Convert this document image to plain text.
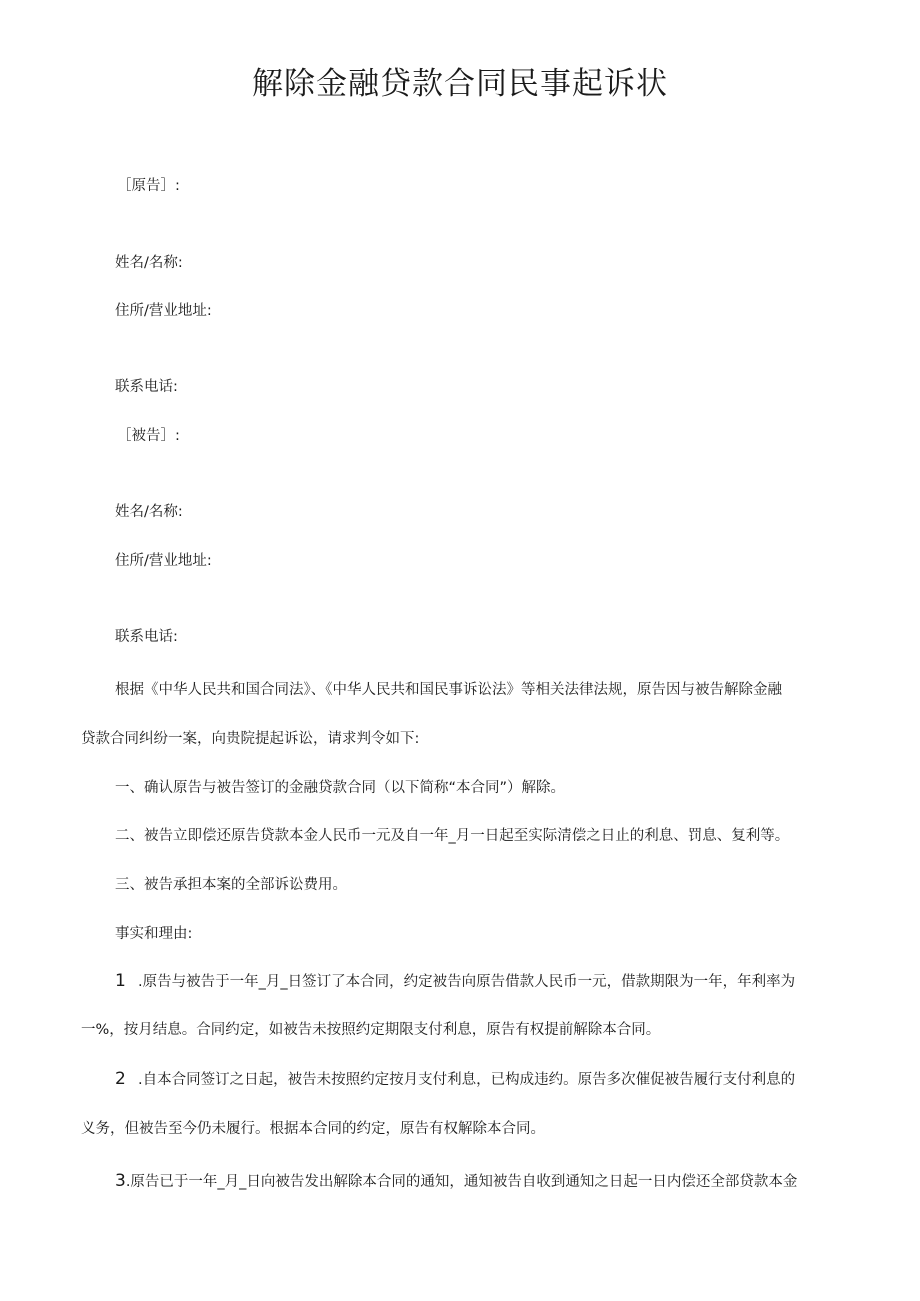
解除金融贷款合同民事起诉状
［原告］:
姓名/名称:
住所/营业地址:
联系电话:
［被告］:
姓名/名称:
住所/营业地址:
联系电话:
根据《中华人民共和国合同法》、《中华人民共和国民事诉讼法》等相关法律法规，原告因与被告解除金融
贷款合同纠纷一案，向贵院提起诉讼，请求判令如下:
一、确认原告与被告签订的金融贷款合同（以下简称“本合同”）解除。
二、被告立即偿还原告贷款本金人民币一元及自一年_月一日起至实际清偿之日止的利息、罚息、复利等。
三、被告承担本案的全部诉讼费用。
事实和理由:
1 .原告与被告于一年_月_日签订了本合同，约定被告向原告借款人民币一元，借款期限为一年，年利率为
一%，按月结息。合同约定，如被告未按照约定期限支付利息，原告有权提前解除本合同。
2 .自本合同签订之日起，被告未按照约定按月支付利息，已构成违约。原告多次催促被告履行支付利息的
义务，但被告至今仍未履行。根据本合同的约定，原告有权解除本合同。
3.原告已于一年_月_日向被告发出解除本合同的通知，通知被告自收到通知之日起一日内偿还全部贷款本金
